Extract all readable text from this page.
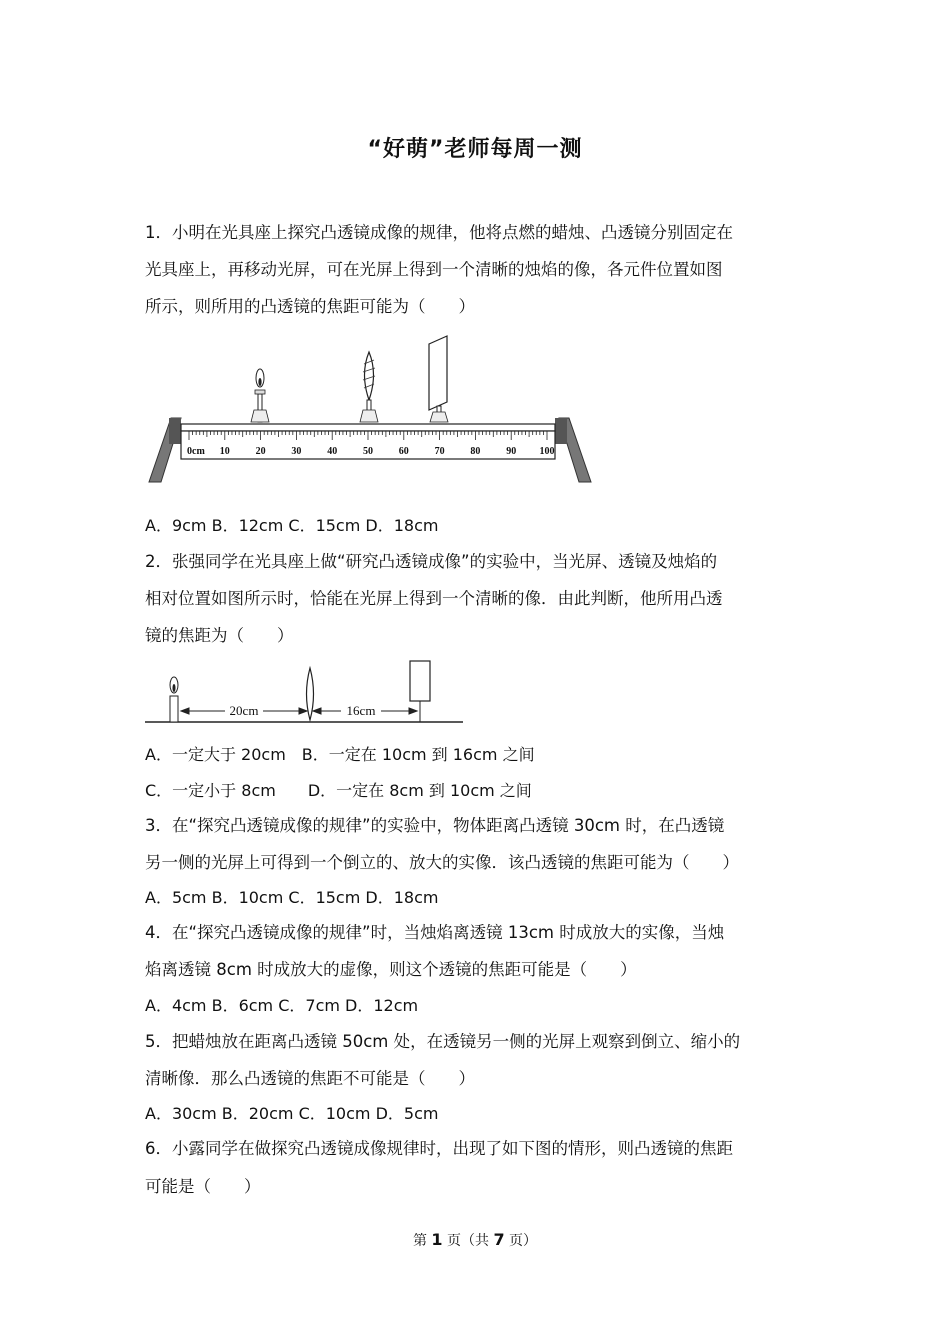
“好萌”老师每周一测
1．小明在光具座上探究凸透镜成像的规律，他将点燃的蜡烛、凸透镜分别固定在
光具座上，再移动光屏，可在光屏上得到一个清晰的烛焰的像，各元件位置如图
所示，则所用的凸透镜的焦距可能为（　　）
0cm 10	20	30	40	50	60	70	80	90 100
A．9cm B．12cm C．15cm D．18cm
2．张强同学在光具座上做“研究凸透镜成像”的实验中，当光屏、透镜及烛焰的
相对位置如图所示时，恰能在光屏上得到一个清晰的像．由此判断，他所用凸透
镜的焦距为（　　）
20cm	16cm
A．一定大于 20cm　B．一定在 10cm 到 16cm 之间
C．一定小于 8cm　　D．一定在 8cm 到 10cm 之间
3．在“探究凸透镜成像的规律”的实验中，物体距离凸透镜 30cm 时，在凸透镜
另一侧的光屏上可得到一个倒立的、放大的实像．该凸透镜的焦距可能为（　　）
A．5cm B．10cm C．15cm D．18cm
4．在“探究凸透镜成像的规律”时，当烛焰离透镜 13cm 时成放大的实像，当烛
焰离透镜 8cm 时成放大的虚像，则这个透镜的焦距可能是（　　）
A．4cm B．6cm C．7cm D．12cm
5．把蜡烛放在距离凸透镜 50cm 处，在透镜另一侧的光屏上观察到倒立、缩小的
清晰像．那么凸透镜的焦距不可能是（　　）
A．30cm B．20cm C．10cm D．5cm
6．小露同学在做探究凸透镜成像规律时，出现了如下图的情形，则凸透镜的焦距
可能是（　　）
第 1 页（共 7 页）
